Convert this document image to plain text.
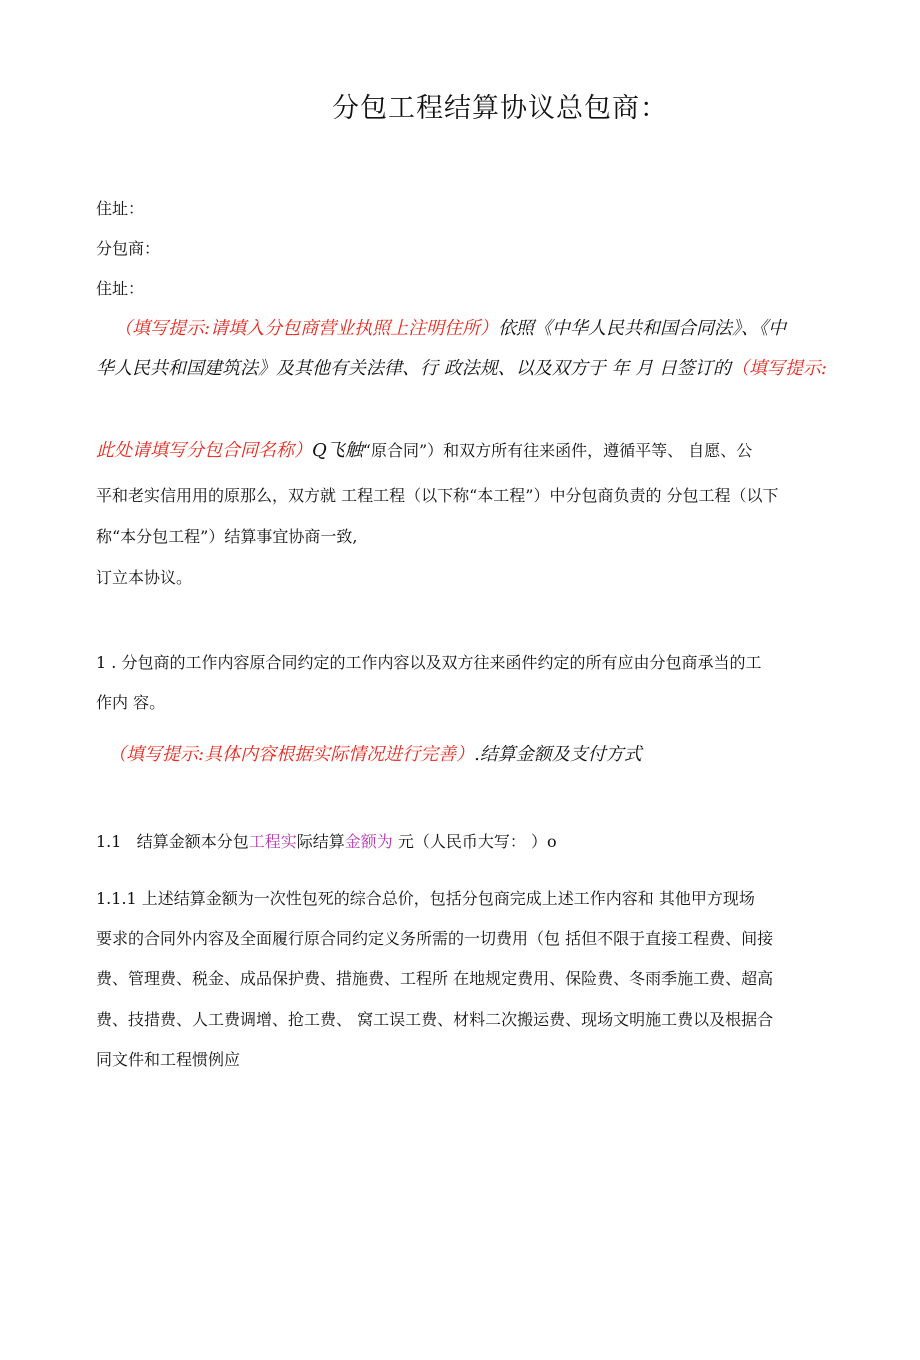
分包工程结算协议总包商：
住址：
分包商：
住址：
（填写提示:请填入分包商营业执照上注明住所）依照《中华人民共和国合同法》、《中
华人民共和国建筑法》及其他有关法律、行 政法规、以及双方于 年 月 日签订的（填写提示:
此处请填写分包合同名称）Q飞触“原合同”）和双方所有往来函件，遵循平等、 自愿、公
平和老实信用用的原那么，双方就 工程工程（以下称“本工程”）中分包商负责的 分包工程（以下
称“本分包工程”）结算事宜协商一致,
订立本协议。
1 . 分包商的工作内容原合同约定的工作内容以及双方往来函件约定的所有应由分包商承当的工
作内 容。
（填写提示:具体内容根据实际情况进行完善）.结算金额及支付方式
1.1 结算金额本分包工程实际结算金额为 元（人民币大写： ）o
1.1.1 上述结算金额为一次性包死的综合总价，包括分包商完成上述工作内容和 其他甲方现场
要求的合同外内容及全面履行原合同约定义务所需的一切费用（包 括但不限于直接工程费、间接
费、管理费、税金、成品保护费、措施费、工程所 在地规定费用、保险费、冬雨季施工费、超高
费、技措费、人工费调增、抢工费、 窝工误工费、材料二次搬运费、现场文明施工费以及根据合
同文件和工程惯例应
